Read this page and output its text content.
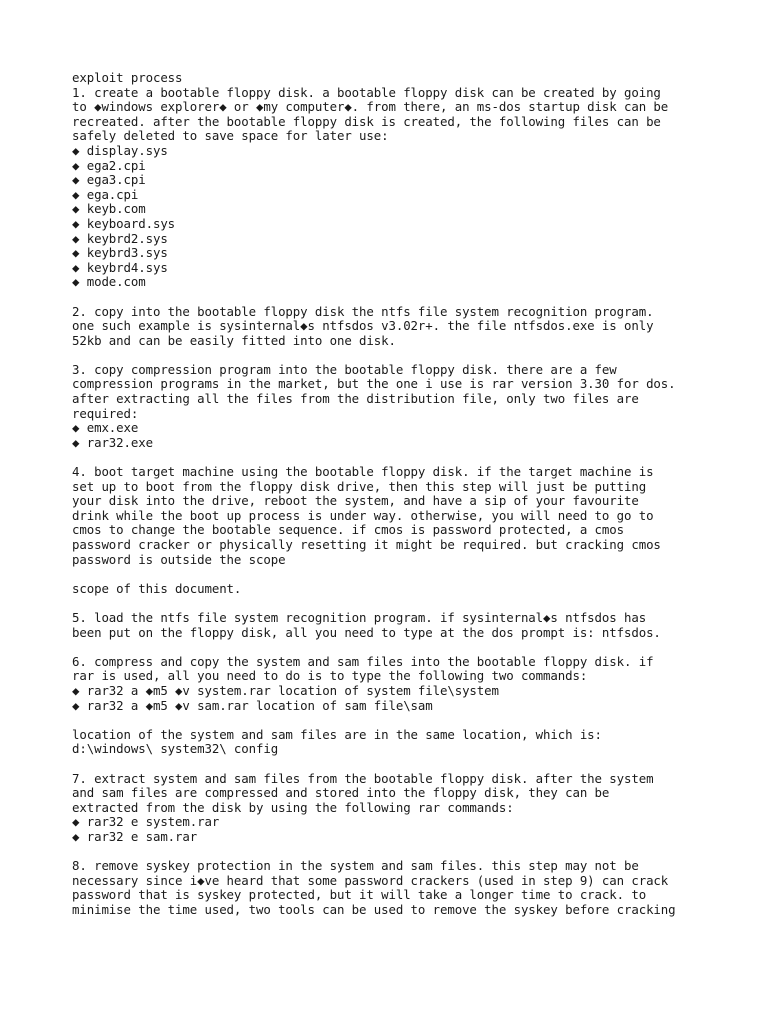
exploit process
1. create a bootable floppy disk. a bootable floppy disk can be created by going
to ◆windows explorer◆ or ◆my computer◆. from there, an ms-dos startup disk can be
recreated. after the bootable floppy disk is created, the following files can be
safely deleted to save space for later use:
◆ display.sys
◆ ega2.cpi
◆ ega3.cpi
◆ ega.cpi
◆ keyb.com
◆ keyboard.sys
◆ keybrd2.sys
◆ keybrd3.sys
◆ keybrd4.sys
◆ mode.com
2. copy into the bootable floppy disk the ntfs file system recognition program.
one such example is sysinternal◆s ntfsdos v3.02r+. the file ntfsdos.exe is only
52kb and can be easily fitted into one disk.
3. copy compression program into the bootable floppy disk. there are a few
compression programs in the market, but the one i use is rar version 3.30 for dos.
after extracting all the files from the distribution file, only two files are
required:
◆ emx.exe
◆ rar32.exe
4. boot target machine using the bootable floppy disk. if the target machine is
set up to boot from the floppy disk drive, then this step will just be putting
your disk into the drive, reboot the system, and have a sip of your favourite
drink while the boot up process is under way. otherwise, you will need to go to
cmos to change the bootable sequence. if cmos is password protected, a cmos
password cracker or physically resetting it might be required. but cracking cmos
password is outside the scope
scope of this document.
5. load the ntfs file system recognition program. if sysinternal◆s ntfsdos has
been put on the floppy disk, all you need to type at the dos prompt is: ntfsdos.
6. compress and copy the system and sam files into the bootable floppy disk. if
rar is used, all you need to do is to type the following two commands:
◆ rar32 a ◆m5 ◆v system.rar location of system file\system
◆ rar32 a ◆m5 ◆v sam.rar location of sam file\sam
location of the system and sam files are in the same location, which is:
d:\windows\ system32\ config
7. extract system and sam files from the bootable floppy disk. after the system
and sam files are compressed and stored into the floppy disk, they can be
extracted from the disk by using the following rar commands:
◆ rar32 e system.rar
◆ rar32 e sam.rar
8. remove syskey protection in the system and sam files. this step may not be
necessary since i◆ve heard that some password crackers (used in step 9) can crack
password that is syskey protected, but it will take a longer time to crack. to
minimise the time used, two tools can be used to remove the syskey before cracking
